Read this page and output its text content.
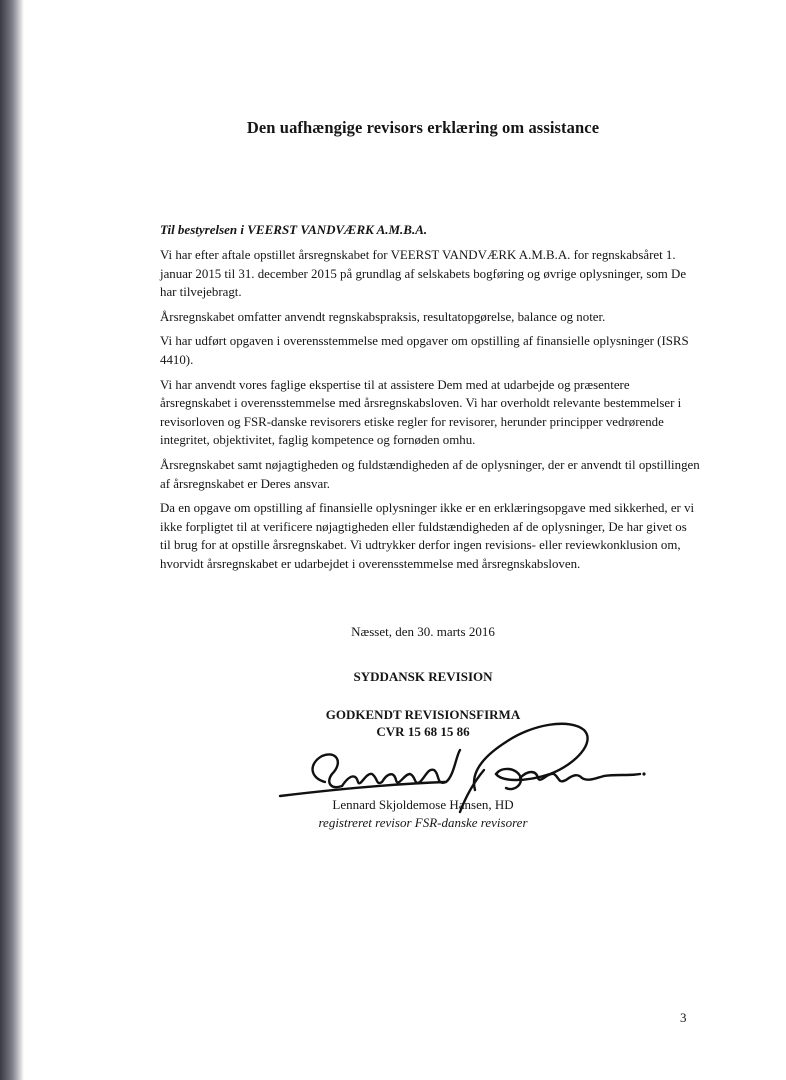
Den uafhængige revisors erklæring om assistance
Til bestyrelsen i VEERST VANDVÆRK A.M.B.A.

Vi har efter aftale opstillet årsregnskabet for VEERST VANDVÆRK A.M.B.A. for regnskabsåret 1. januar 2015 til 31. december 2015 på grundlag af selskabets bogføring og øvrige oplysninger, som De har tilvejebragt.

Årsregnskabet omfatter anvendt regnskabspraksis, resultatopgørelse, balance og noter.

Vi har udført opgaven i overensstemmelse med opgaver om opstilling af finansielle oplysninger (ISRS 4410).

Vi har anvendt vores faglige ekspertise til at assistere Dem med at udarbejde og præsentere årsregnskabet i overensstemmelse med årsregnskabsloven. Vi har overholdt relevante bestemmelser i revisorloven og FSR-danske revisorers etiske regler for revisorer, herunder principper vedrørende integritet, objektivitet, faglig kompetence og fornøden omhu.

Årsregnskabet samt nøjagtigheden og fuldstændigheden af de oplysninger, der er anvendt til opstillingen af årsregnskabet er Deres ansvar.

Da en opgave om opstilling af finansielle oplysninger ikke er en erklæringsopgave med sikkerhed, er vi ikke forpligtet til at verificere nøjagtigheden eller fuldstændigheden af de oplysninger, De har givet os til brug for at opstille årsregnskabet. Vi udtrykker derfor ingen revisions- eller reviewkonklusion om, hvorvidt årsregnskabet er udarbejdet i overensstemmelse med årsregnskabsloven.

Næsset, den 30. marts 2016
SYDDANSK REVISION
GODKENDT REVISIONSFIRMA
CVR 15 68 15 86
Lennard Skjoldemose Hansen, HD
registreret revisor FSR-danske revisorer
3
